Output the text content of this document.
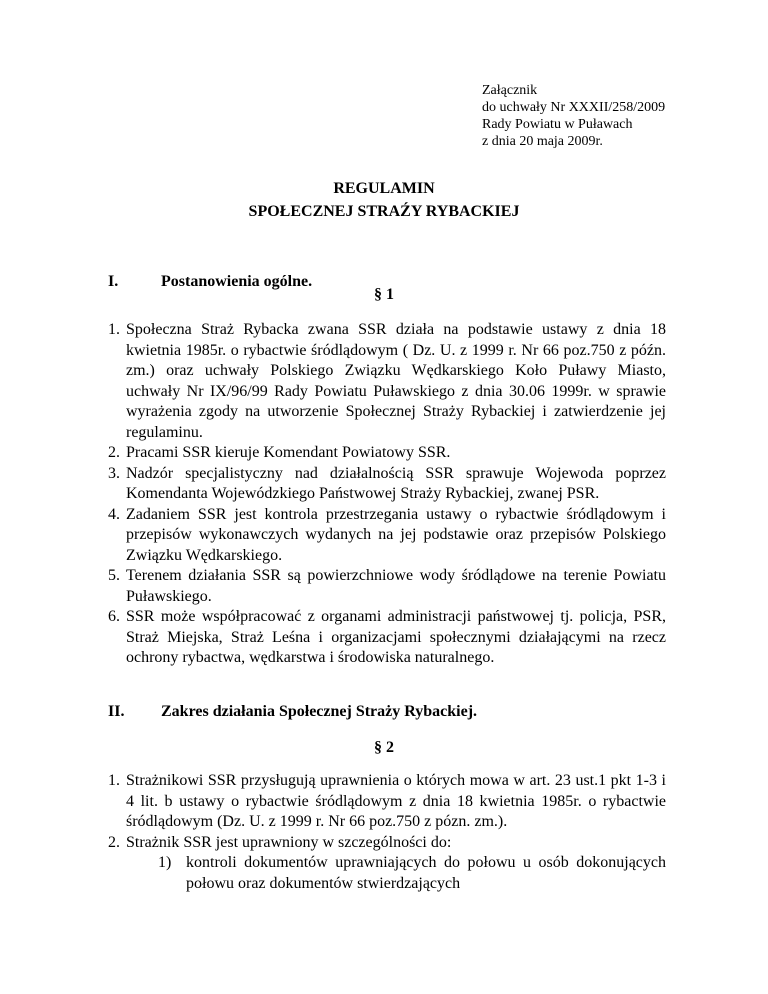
Załącznik
do uchwały Nr XXXII/258/2009
Rady Powiatu w Puławach
z dnia 20 maja 2009r.
REGULAMIN
SPOŁECZNEJ STRAŹY RYBACKIEJ
I.	Postanowienia ogólne.
§ 1
1. Społeczna Straż Rybacka zwana SSR działa na podstawie ustawy z dnia 18 kwietnia 1985r. o rybactwie śródlądowym ( Dz. U. z 1999 r. Nr 66 poz.750 z późn. zm.) oraz uchwały Polskiego Związku Wędkarskiego Koło Puławy Miasto, uchwały Nr IX/96/99 Rady Powiatu Puławskiego z dnia 30.06 1999r. w sprawie wyrażenia zgody na utworzenie Społecznej Straży Rybackiej i zatwierdzenie jej regulaminu.
2. Pracami SSR kieruje Komendant Powiatowy SSR.
3. Nadzór specjalistyczny nad działalnością SSR sprawuje Wojewoda poprzez Komendanta Wojewódzkiego Państwowej Straży Rybackiej, zwanej PSR.
4. Zadaniem SSR jest kontrola przestrzegania ustawy o rybactwie śródlądowym i przepisów wykonawczych wydanych na jej podstawie oraz przepisów Polskiego Związku Wędkarskiego.
5. Terenem działania SSR są powierzchniowe wody śródlądowe na terenie Powiatu Puławskiego.
6. SSR może współpracować z organami administracji państwowej tj. policja, PSR, Straż Miejska, Straż Leśna i organizacjami społecznymi działającymi na rzecz ochrony rybactwa, wędkarstwa i środowiska naturalnego.
II. Zakres działania Społecznej Straży Rybackiej.
§ 2
1. Strażnikowi SSR przysługują uprawnienia o których mowa w art. 23 ust.1 pkt 1-3 i 4 lit. b ustawy o rybactwie śródlądowym z dnia 18 kwietnia 1985r. o rybactwie śródlądowym (Dz. U. z 1999 r. Nr 66 poz.750 z pózn. zm.).
2. Strażnik SSR jest uprawniony w szczególności do:
1) kontroli dokumentów uprawniających do połowu u osób dokonujących połowu oraz dokumentów stwierdzających
